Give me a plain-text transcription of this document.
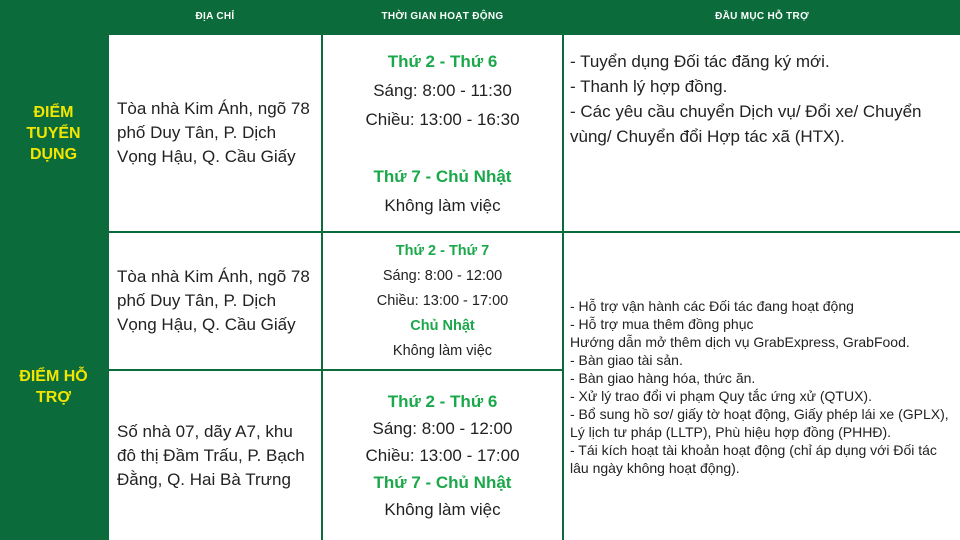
ĐỊA CHỈ	THỜI GIAN HOẠT ĐỘNG	ĐẦU MỤC HỖ TRỢ
ĐIỂM TUYỂN DỤNG
Tòa nhà Kim Ánh, ngõ 78 phố Duy Tân, P. Dịch Vọng Hậu, Q. Cầu Giấy
Thứ 2 - Thứ 6
Sáng: 8:00 - 11:30
Chiều: 13:00 - 16:30
Thứ 7 - Chủ Nhật
Không làm việc
- Tuyển dụng Đối tác đăng ký mới.
- Thanh lý hợp đồng.
- Các yêu cầu chuyển Dịch vụ/ Đổi xe/ Chuyển vùng/ Chuyển đổi Hợp tác xã (HTX).
ĐIỂM HỖ TRỢ
Tòa nhà Kim Ánh, ngõ 78 phố Duy Tân, P. Dịch Vọng Hậu, Q. Cầu Giấy
Thứ 2 - Thứ 7
Sáng: 8:00 - 12:00
Chiều: 13:00 - 17:00
Chủ Nhật
Không làm việc
Số nhà 07, dãy A7, khu đô thị Đầm Trấu, P. Bạch Đằng, Q. Hai Bà Trưng
Thứ 2 - Thứ 6
Sáng: 8:00 - 12:00
Chiều: 13:00 - 17:00
Thứ 7 - Chủ Nhật
Không làm việc
- Hỗ trợ vận hành các Đối tác đang hoạt động
- Hỗ trợ mua thêm đồng phục
Hướng dẫn mở thêm dịch vụ GrabExpress, GrabFood.
- Bàn giao tài sản.
- Bàn giao hàng hóa, thức ăn.
- Xử lý trao đổi vi phạm Quy tắc ứng xử (QTUX).
- Bổ sung hồ sơ/ giấy tờ hoạt động, Giấy phép lái xe (GPLX), Lý lịch tư pháp (LLTP), Phù hiệu hợp đồng (PHHĐ).
- Tái kích hoạt tài khoản hoạt động (chỉ áp dụng với Đối tác lâu ngày không hoạt động).
